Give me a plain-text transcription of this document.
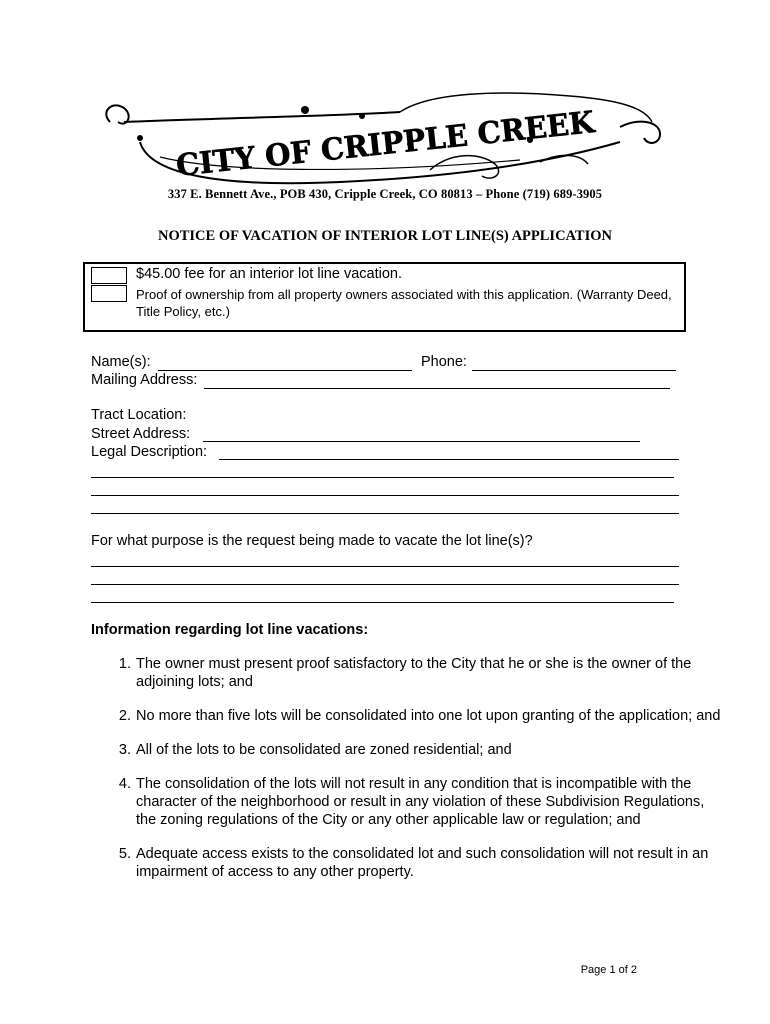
CITY OF CRIPPLE CREEK
337 E. Bennett Ave., POB 430, Cripple Creek, CO 80813 – Phone (719) 689-3905
NOTICE OF VACATION OF INTERIOR LOT LINE(S) APPLICATION
$45.00 fee for an interior lot line vacation.
Proof of ownership from all property owners associated with this application. (Warranty Deed, Title Policy, etc.)
Name(s):	Phone:
Mailing Address:
Tract Location:
Street Address:
Legal Description:
For what purpose is the request being made to vacate the lot line(s)?
Information regarding lot line vacations:
1. The owner must present proof satisfactory to the City that he or she is the owner of the adjoining lots; and
2. No more than five lots will be consolidated into one lot upon granting of the application; and
3. All of the lots to be consolidated are zoned residential; and
4. The consolidation of the lots will not result in any condition that is incompatible with the character of the neighborhood or result in any violation of these Subdivision Regulations, the zoning regulations of the City or any other applicable law or regulation; and
5. Adequate access exists to the consolidated lot and such consolidation will not result in an impairment of access to any other property.
Page 1 of 2
